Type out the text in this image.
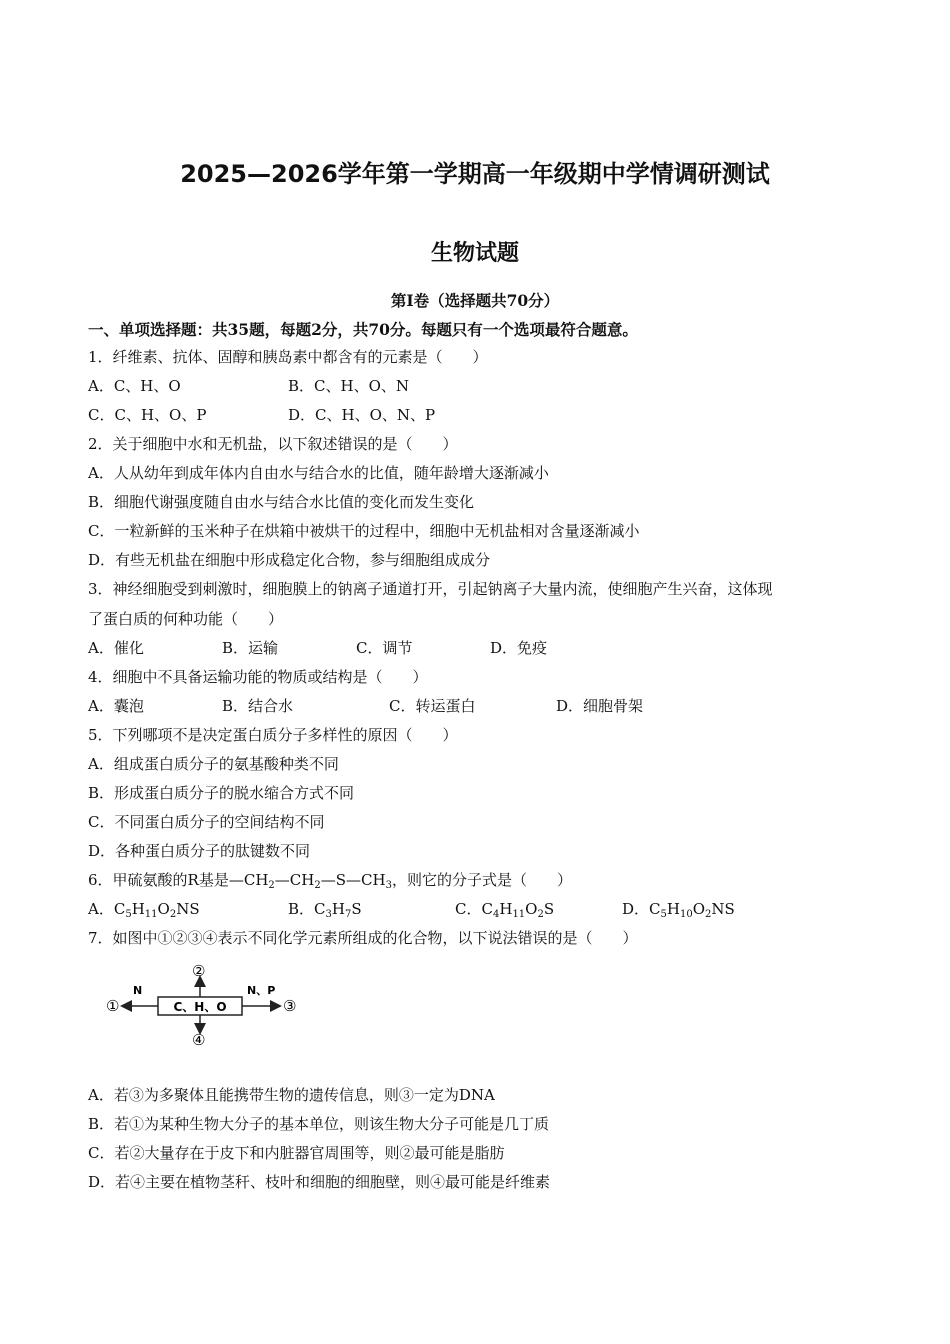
2025—2026学年第一学期高一年级期中学情调研测试
生物试题
第I卷（选择题共70分）
一、单项选择题：共35题，每题2分，共70分。每题只有一个选项最符合题意。
1．纤维素、抗体、固醇和胰岛素中都含有的元素是（　　）
A．C、H、O	B．C、H、O、N
C．C、H、O、P	D．C、H、O、N、P
2．关于细胞中水和无机盐，以下叙述错误的是（　　）
A．人从幼年到成年体内自由水与结合水的比值，随年龄增大逐渐减小
B．细胞代谢强度随自由水与结合水比值的变化而发生变化
C．一粒新鲜的玉米种子在烘箱中被烘干的过程中，细胞中无机盐相对含量逐渐减小
D．有些无机盐在细胞中形成稳定化合物，参与细胞组成成分
3．神经细胞受到刺激时，细胞膜上的钠离子通道打开，引起钠离子大量内流，使细胞产生兴奋，这体现
了蛋白质的何种功能（　　）
A．催化	B．运输	C．调节	D．免疫
4．细胞中不具备运输功能的物质或结构是（　　）
A．囊泡	B．结合水	C．转运蛋白	D．细胞骨架
5．下列哪项不是决定蛋白质分子多样性的原因（　　）
A．组成蛋白质分子的氨基酸种类不同
B．形成蛋白质分子的脱水缩合方式不同
C．不同蛋白质分子的空间结构不同
D．各种蛋白质分子的肽键数不同
6．甲硫氨酸的R基是$—CH_2—CH_2—S—CH_3$，则它的分子式是（　　）
A．$C_5H_{11}O_2NS$	B．$C_3H_7S$	C．$C_4H_{11}O_2S$	D．$C_5H_{10}O_2NS$
7．如图中①②③④表示不同化学元素所组成的化合物，以下说法错误的是（　　）
C、H、O
N	N、P
①
②
③
④
A．若③为多聚体且能携带生物的遗传信息，则③一定为DNA
B．若①为某种生物大分子的基本单位，则该生物大分子可能是几丁质
C．若②大量存在于皮下和内脏器官周围等，则②最可能是脂肪
D．若④主要在植物茎秆、枝叶和细胞的细胞壁，则④最可能是纤维素
